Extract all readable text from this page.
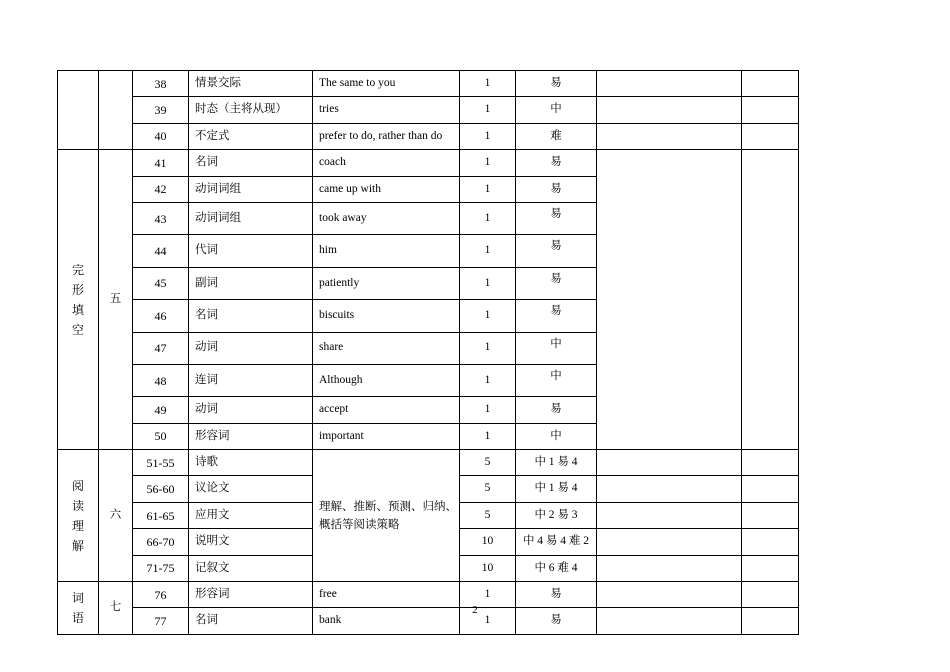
		38	情景交际	The same to you	1	易		
		39	时态（主将从现）	tries	1	中		
		40	不定式	prefer to do, rather than do	1	难		

完
形
填
空	五	41	名词	coach	1	易		
		42	动词词组	came up with	1	易		
		43	动词词组	took away	1	易		
		44	代词	him	1	易		
		45	副词	patiently	1	易		
		46	名词	biscuits	1	易		
		47	动词	share	1	中		
		48	连词	Although	1	中		
		49	动词	accept	1	易		
		50	形容词	important	1	中		

阅
读
理
解	六	51-55	诗歌	理解、推断、预测、归纳、概括等阅读策略	5	中 1 易 4		
		56-60	议论文		5	中 1 易 4		
		61-65	应用文		5	中 2 易 3		
		66-70	说明文		10	中 4 易 4 难 2		
		71-75	记叙文		10	中 6 难 4		

词
语	七	76	形容词	free	1	易		
		77	名词	bank	1	易		
2
